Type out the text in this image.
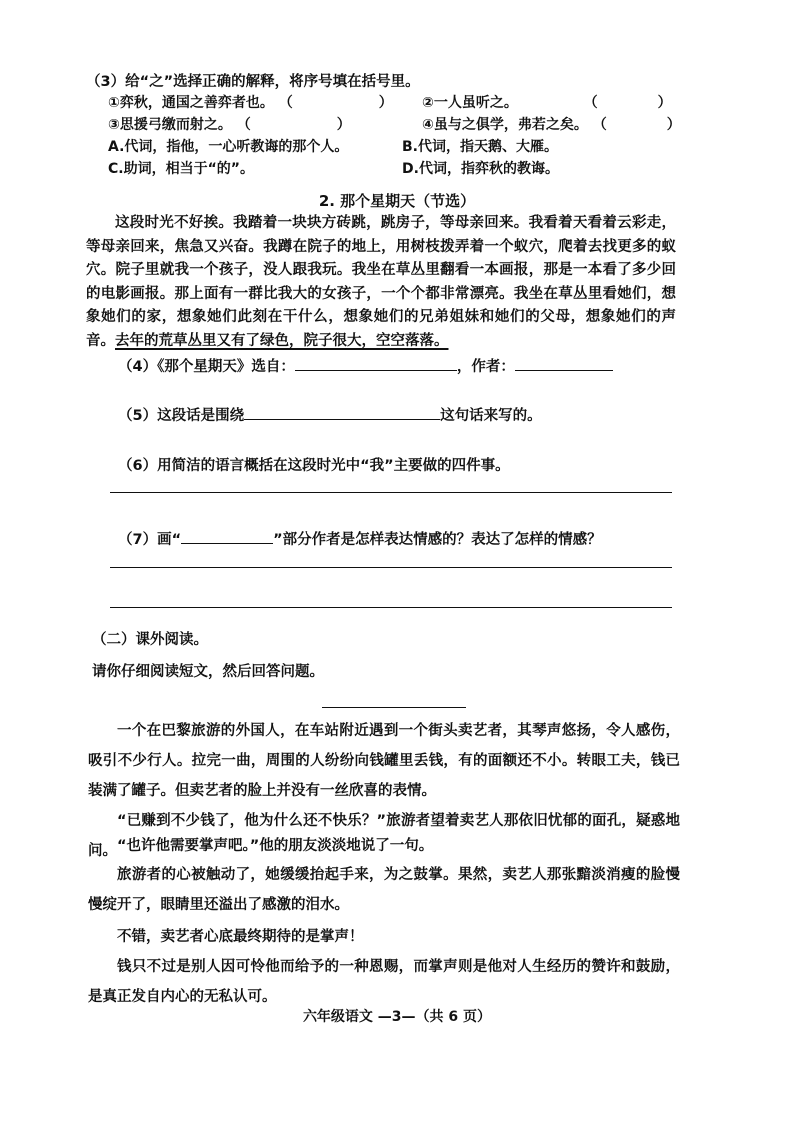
（3）给“之”选择正确的解释，将序号填在括号里。
①弈秋，通国之善弈者也。 （	） ②一人虽听之。	（	）
③思援弓缴而射之。 （	）	④虽与之俱学，弗若之矣。 （	）
A.代词，指他，一心听教诲的那个人。	B.代词，指天鹅、大雁。
C.助词，相当于“的”。	D.代词，指弈秋的教诲。
2. 那个星期天（节选）
这段时光不好挨。我踏着一块块方砖跳，跳房子，等母亲回来。我看着天看着云彩走，等母亲回来，焦急又兴奋。我蹲在院子的地上，用树枝拨弄着一个蚁穴，爬着去找更多的蚁穴。院子里就我一个孩子，没人跟我玩。我坐在草丛里翻看一本画报，那是一本看了多少回的电影画报。那上面有一群比我大的女孩子，一个个都非常漂亮。我坐在草丛里看她们，想象她们的家，想象她们此刻在干什么，想象她们的兄弟姐妹和她们的父母，想象她们的声音。去年的荒草丛里又有了绿色，院子很大，空空落落。
（4）《那个星期天》选自：	，作者：
（5）这段话是围绕	这句话来写的。
（6）用简洁的语言概括在这段时光中“我”主要做的四件事。
（7）画“	”部分作者是怎样表达情感的？表达了怎样的情感？
（二）课外阅读。
请你仔细阅读短文，然后回答问题。
一个在巴黎旅游的外国人，在车站附近遇到一个街头卖艺者，其琴声悠扬，令人感伤，吸引不少行人。拉完一曲，周围的人纷纷向钱罐里丢钱，有的面额还不小。转眼工夫，钱已装满了罐子。但卖艺者的脸上并没有一丝欣喜的表情。
“已赚到不少钱了，他为什么还不快乐？”旅游者望着卖艺人那依旧忧郁的面孔，疑惑地问。 “也许他需要掌声吧。”他的朋友淡淡地说了一句。
旅游者的心被触动了，她缓缓抬起手来，为之鼓掌。果然，卖艺人那张黯淡消瘦的脸慢慢绽开了，眼睛里还溢出了感激的泪水。
不错，卖艺者心底最终期待的是掌声！
钱只不过是别人因可怜他而给予的一种恩赐，而掌声则是他对人生经历的赞许和鼓励，是真正发自内心的无私认可。
六年级语文 —3—（共 6 页）
